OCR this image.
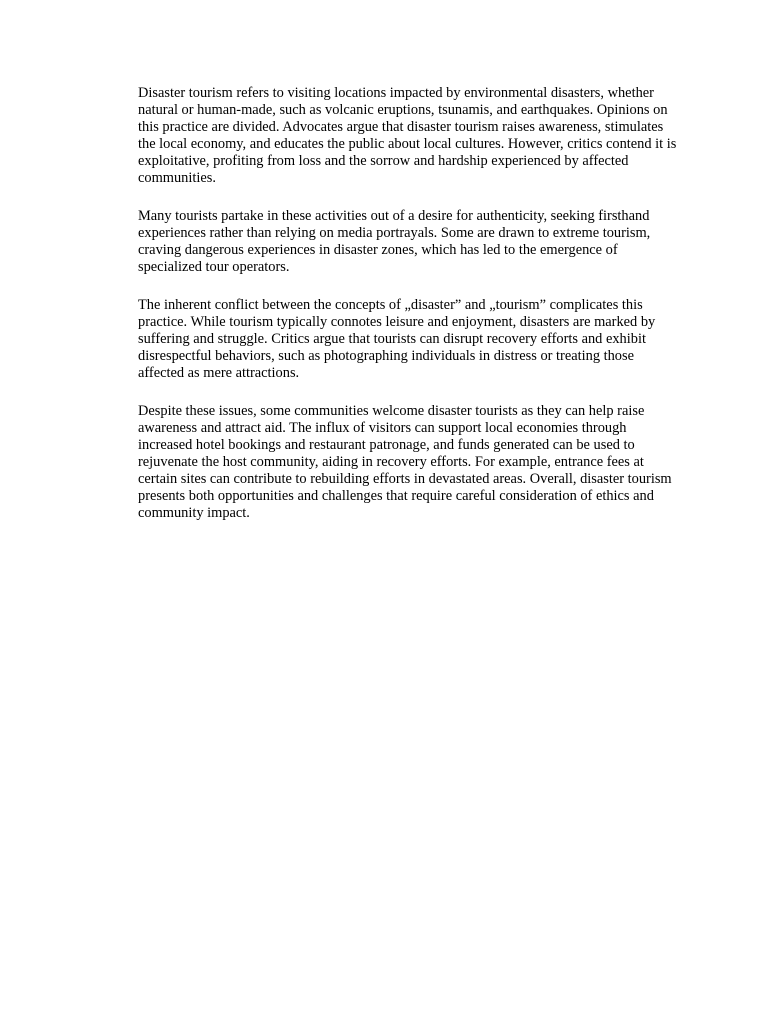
Disaster tourism refers to visiting locations impacted by environmental disasters, whether natural or human-made, such as volcanic eruptions, tsunamis, and earthquakes. Opinions on this practice are divided. Advocates argue that disaster tourism raises awareness, stimulates the local economy, and educates the public about local cultures. However, critics contend it is exploitative, profiting from loss and the sorrow and hardship experienced by affected communities.

Many tourists partake in these activities out of a desire for authenticity, seeking firsthand experiences rather than relying on media portrayals. Some are drawn to extreme tourism, craving dangerous experiences in disaster zones, which has led to the emergence of specialized tour operators.

The inherent conflict between the concepts of „disaster” and „tourism” complicates this practice. While tourism typically connotes leisure and enjoyment, disasters are marked by suffering and struggle. Critics argue that tourists can disrupt recovery efforts and exhibit disrespectful behaviors, such as photographing individuals in distress or treating those affected as mere attractions.

Despite these issues, some communities welcome disaster tourists as they can help raise awareness and attract aid. The influx of visitors can support local economies through increased hotel bookings and restaurant patronage, and funds generated can be used to rejuvenate the host community, aiding in recovery efforts. For example, entrance fees at certain sites can contribute to rebuilding efforts in devastated areas. Overall, disaster tourism presents both opportunities and challenges that require careful consideration of ethics and community impact.
